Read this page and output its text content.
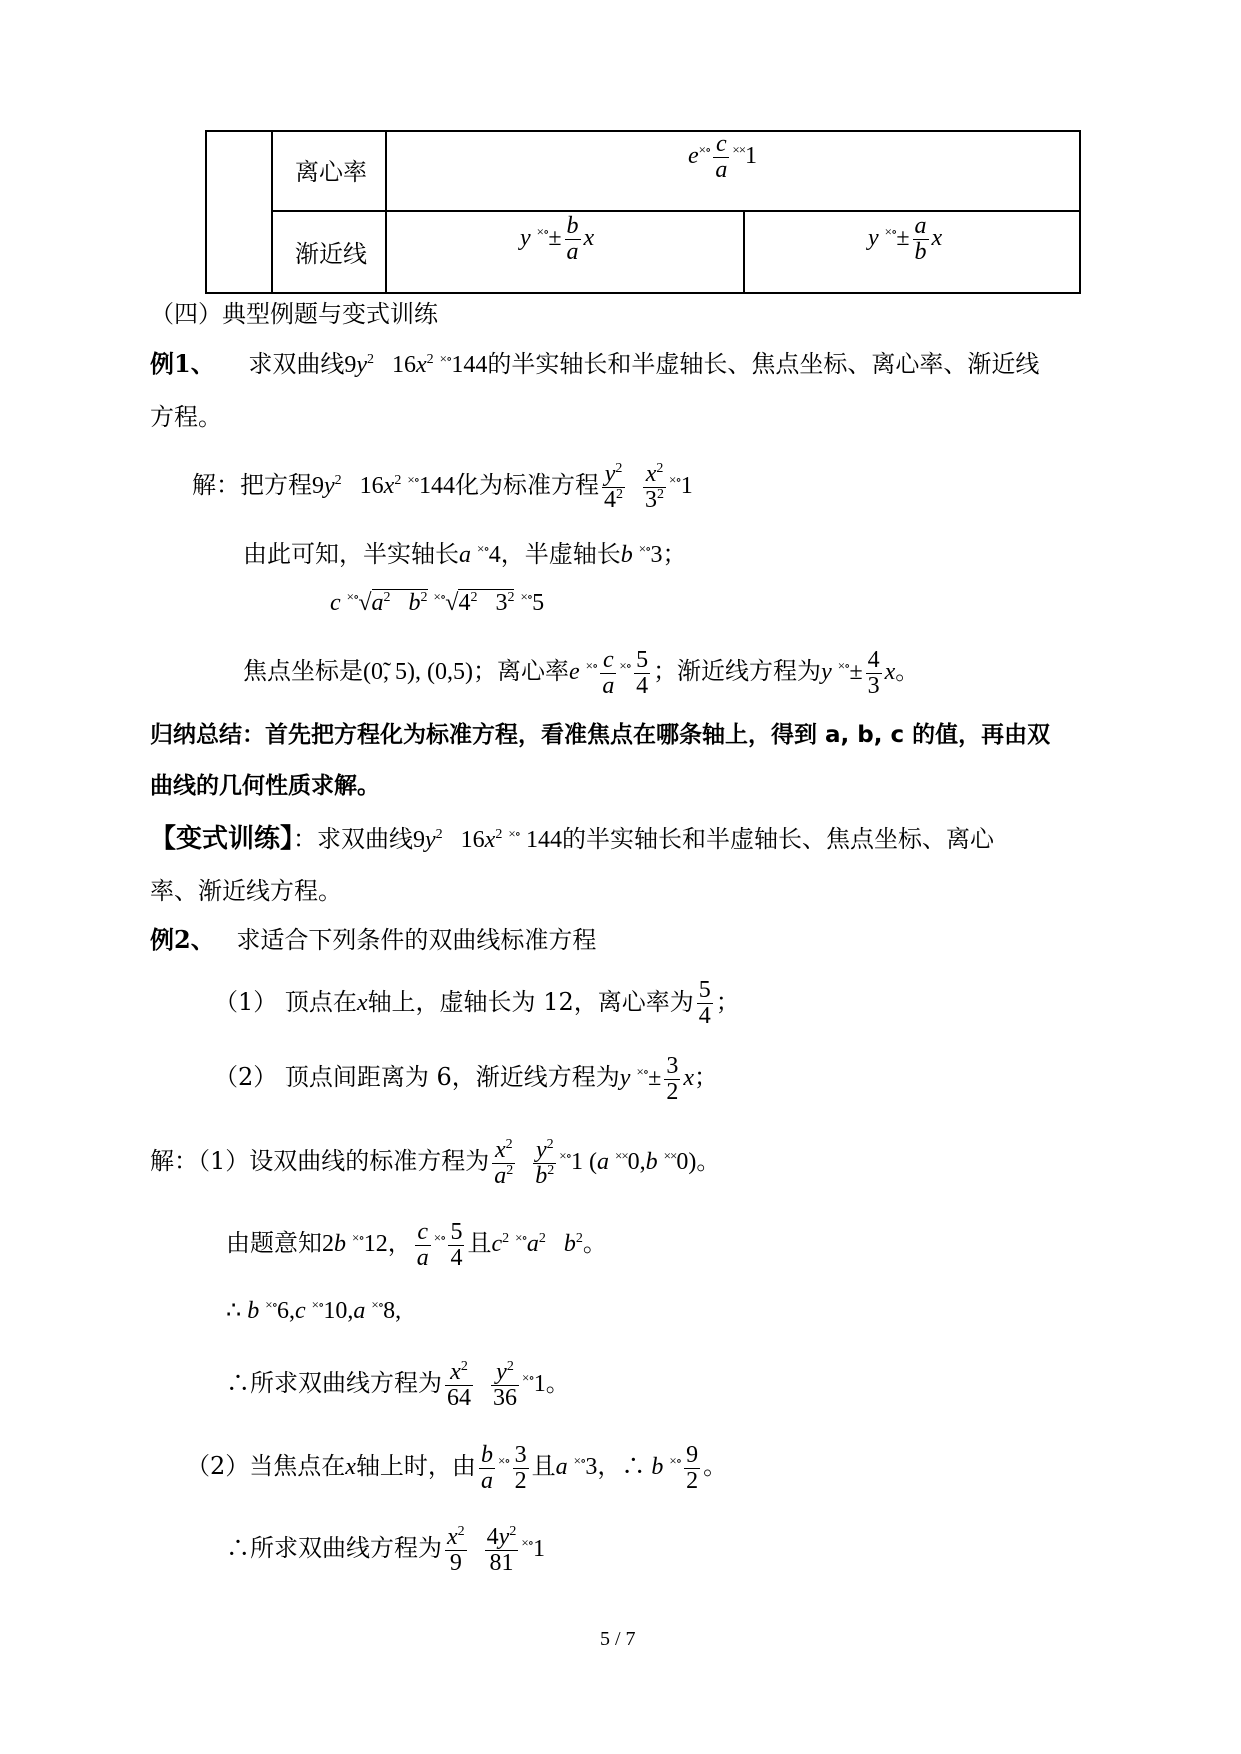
离心率
渐近线
$e^{\times\circ} \frac{c}{a} ^{\times\times}1$
y $^{\times\circ}\pm \frac{b}{a}$ x	y $^{\times\circ}\pm \frac{a}{b}$ x
（四）典型例题与变式训练
例1、 求双曲线$9y^2$ $16x^2$ ×∘144的半实轴长和半虚轴长、焦点坐标、离心率、渐近线
方程。
解：把方程$9y^2$ $16x^2$ ×∘144化为标准方程 $\frac{y^2}{4^2}$
$\frac{x^2}{3^2} ^{\times\circ}1$
由此可知，半实轴长a ×∘4，半虚轴长b ×∘3；
c $^{\times\circ}√a^2$   $b^2$ $^{\times\circ}√4^2$   $3^2$ ×∘5
焦点坐标是(0̃, 5), (0,5)；离心率e $^{\times\circ} \frac{c}{a} ^{\times\circ} \frac{5}{4}$ ；渐近线方程为y $^{\times\circ}\pm \frac{4}{3}$ x。
归纳总结：首先把方程化为标准方程，看准焦点在哪条轴上，得到 a, b, c 的值，再由双
曲线的几何性质求解。
【变式训练】：求双曲线$9y^2$ $16x^2$ ×∘ 144的半实轴长和半虚轴长、焦点坐标、离心
率、渐近线方程。
例2、 求适合下列条件的双曲线标准方程
（1） 顶点在x轴上，虚轴长为 12，离心率为 $\frac{5}{4}$ ；
（2） 顶点间距离为 6，渐近线方程为y $^{\times\circ}\pm \frac{3}{2}$ x；
解：（1）设双曲线的标准方程为 $\frac{x^2}{a^2}$
$\frac{y^2}{b^2} ^{\times\circ}1$ (a ××0,b ××0)。
由题意知2b ×∘12， $\frac{c}{a} ^{\times\circ} \frac{5}{4}$ 且$c^2$ $^{\times\circ}a^2$   $b^2$。
∴ b ×∘6,c ×∘10,a ×∘8,
∴所求双曲线方程为 $\frac{x^2}{64}$
$\frac{y^2}{36} ^{\times\circ}1$。
（2）当焦点在x轴上时，由 $\frac{b}{a} ^{\times\circ} \frac{3}{2}$ 且a ×∘3，∴ b $^{\times\circ} \frac{9}{2}$ 。
∴所求双曲线方程为 $\frac{x^2}{9}$
$\frac{4y^2}{81} ^{\times\circ}1$
5 / 7
